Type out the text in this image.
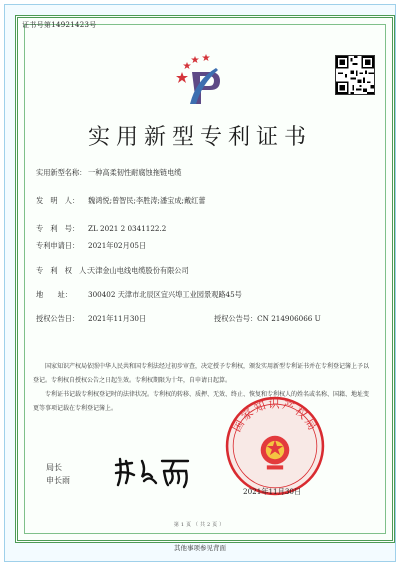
证书号第14921423号
实用新型专利证书
实用新型名称： 一种高柔韧性耐腐蚀拖链电缆
发　明　人： 魏鸿悦;曾智民;李胜涛;潘宝成;戴红蕾
专　利　号： ZL 2021 2 0341122.2
专利申请日： 2021年02月05日
专　利　权　人：天津金山电线电缆股份有限公司
地　　址： 300402 天津市北辰区宜兴埠工业园景观路45号
授权公告日： 2021年11月30日	授权公告号：CN 214906066 U

国家知识产权局依照中华人民共和国专利法经过初步审查，决定授予专利权，颁发实用新型专利证书并在专利登记簿上予以登记。专利权自授权公告之日起生效。专利权期限为十年，自申请日起算。

专利证书记载专利权登记时的法律状况。专利权的转移、质押、无效、终止、恢复和专利权人的姓名或名称、国籍、地址变更等事项记载在专利登记簿上。

国家知识产权局
局长
申长雨
2021年11月30日
第1页（共2页）
其他事项参见背面
